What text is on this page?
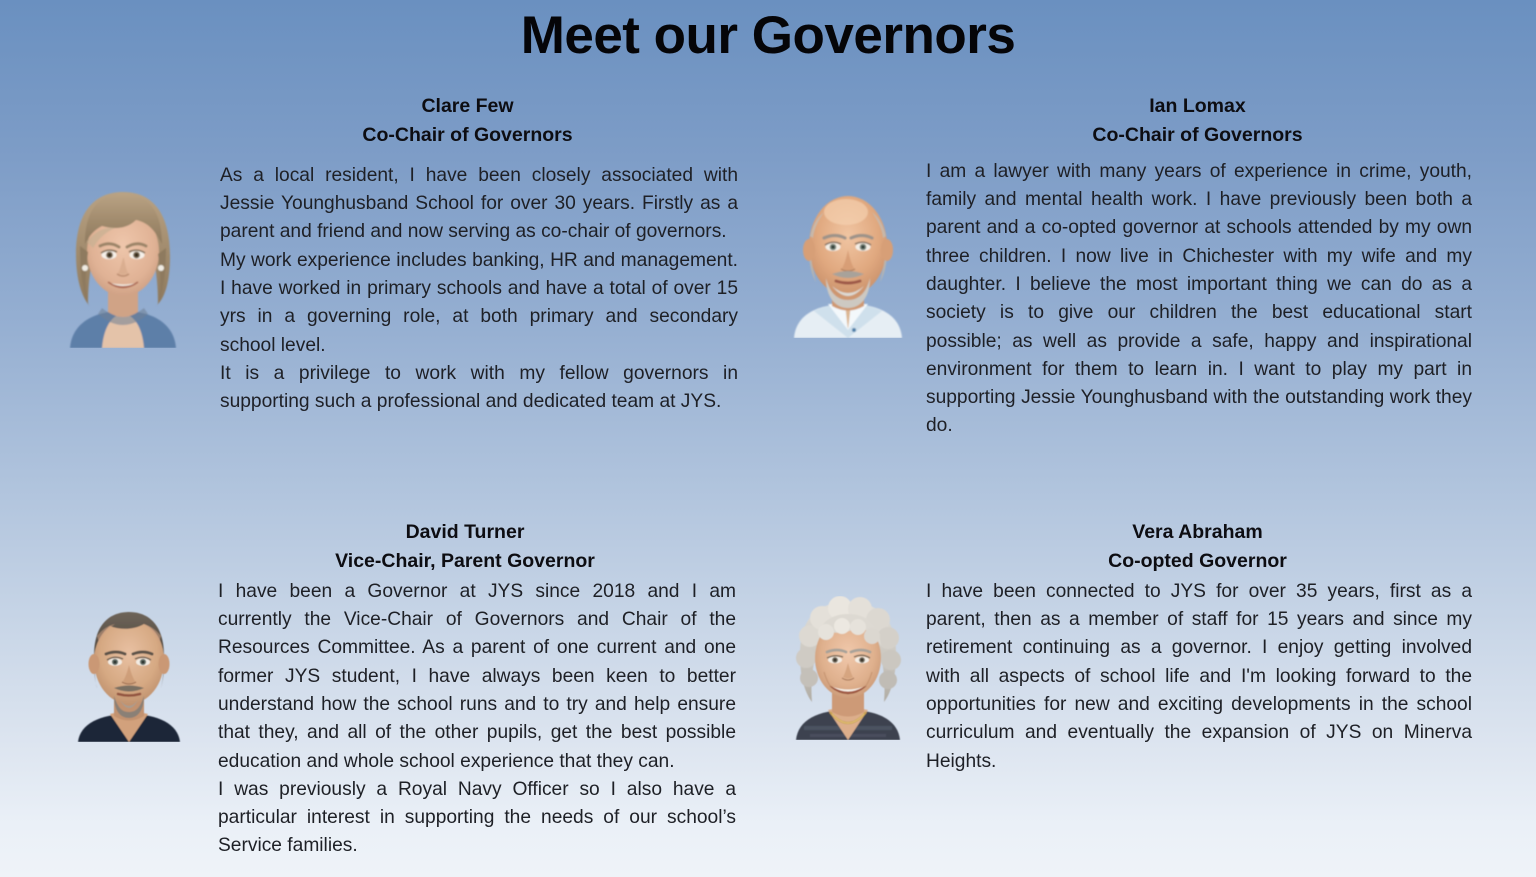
Meet our Governors
Clare Few
Co-Chair of Governors

As a local resident, I have been closely associated with Jessie Younghusband School for over 30 years. Firstly as a parent and friend and now serving as co-chair of governors.

My work experience includes banking, HR and management. I have worked in primary schools and have a total of over 15 yrs in a governing role, at both primary and secondary school level.

It is a privilege to work with my fellow governors in supporting such a professional and dedicated team at JYS.

Ian Lomax
Co-Chair of Governors

I am a lawyer with many years of experience in crime, youth, family and mental health work. I have previously been both a parent and a co-opted governor at schools attended by my own three children. I now live in Chichester with my wife and my daughter. I believe the most important thing we can do as a society is to give our children the best educational start possible; as well as provide a safe, happy and inspirational environment for them to learn in. I want to play my part in supporting Jessie Younghusband with the outstanding work they do.

David Turner
Vice-Chair, Parent Governor

I have been a Governor at JYS since 2018 and I am currently the Vice-Chair of Governors and Chair of the Resources Committee. As a parent of one current and one former JYS student, I have always been keen to better understand how the school runs and to try and help ensure that they, and all of the other pupils, get the best possible education and whole school experience that they can.

I was previously a Royal Navy Officer so I also have a particular interest in supporting the needs of our school’s Service families.

Vera Abraham
Co-opted Governor

I have been connected to JYS for over 35 years, first as a parent, then as a member of staff for 15 years and since my retirement continuing as a governor. I enjoy getting involved with all aspects of school life and I'm looking forward to the opportunities for new and exciting developments in the school curriculum and eventually the expansion of JYS on Minerva Heights.
